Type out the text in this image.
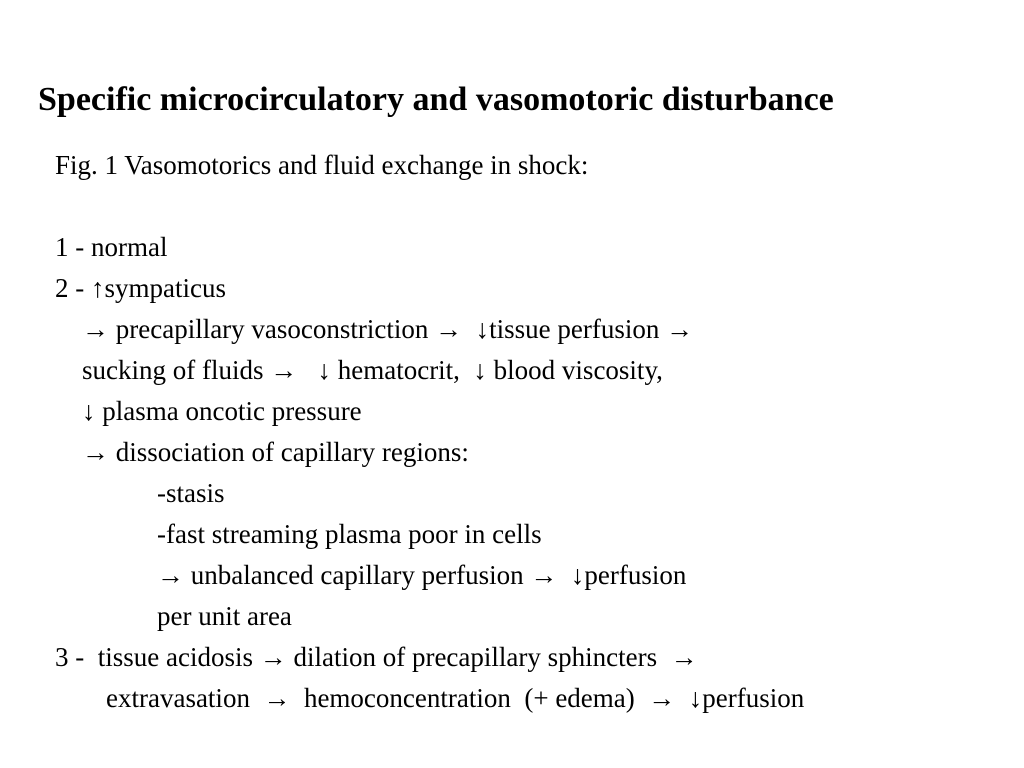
Specific microcirculatory and vasomotoric disturbance
Fig. 1 Vasomotorics and fluid exchange in shock:
1 - normal
2 - ↑sympaticus
→ precapillary vasoconstriction →  ↓tissue perfusion →
sucking of fluids →   ↓ hematocrit,  ↓ blood viscosity,
↓ plasma oncotic pressure
→ dissociation of capillary regions:
-stasis
-fast streaming plasma poor in cells
→ unbalanced capillary perfusion →  ↓perfusion
per unit area
3 -  tissue acidosis → dilation of precapillary sphincters  →
extravasation  →  hemoconcentration  (+ edema)  →  ↓perfusion
